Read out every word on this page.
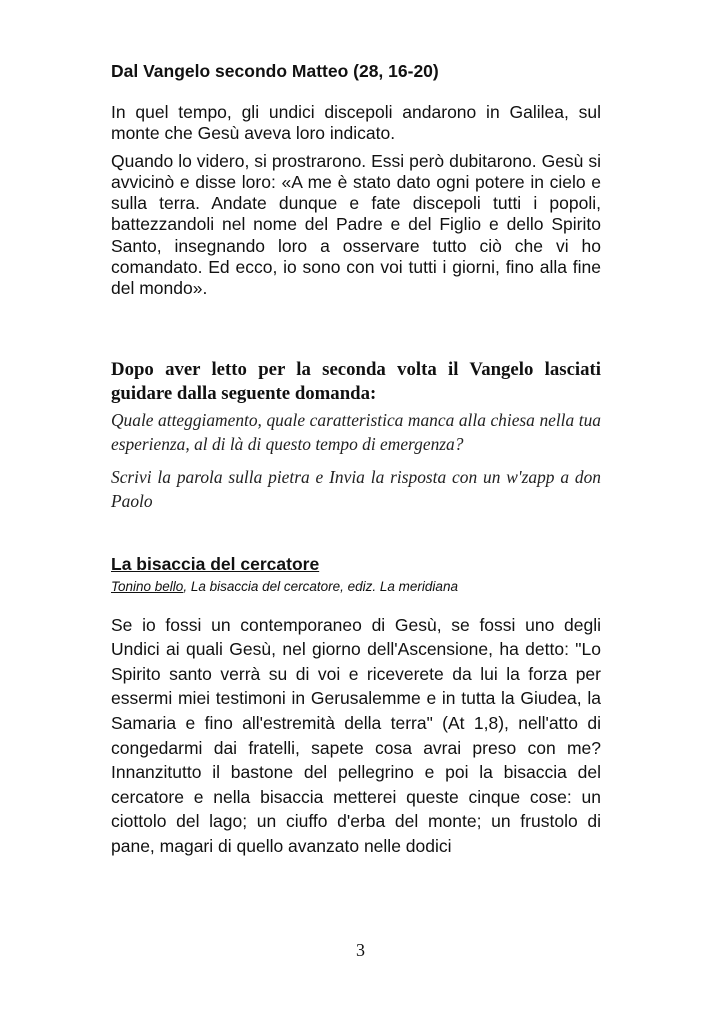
Dal Vangelo secondo Matteo (28, 16-20)

In quel tempo, gli undici discepoli andarono in Galilea, sul monte che Gesù aveva loro indicato.

Quando lo videro, si prostrarono. Essi però dubitarono. Gesù si avvicinò e disse loro: «A me è stato dato ogni potere in cielo e sulla terra. Andate dunque e fate discepoli tutti i popoli, battezzandoli nel nome del Padre e del Figlio e dello Spirito Santo, insegnando loro a osservare tutto ciò che vi ho comandato. Ed ecco, io sono con voi tutti i giorni, fino alla fine del mondo».

Dopo aver letto per la seconda volta il Vangelo lasciati guidare dalla seguente domanda:

Quale atteggiamento, quale caratteristica manca alla chiesa nella tua esperienza, al di là di questo tempo di emergenza?

Scrivi la parola sulla pietra e Invia la risposta con un w'zapp a don Paolo

La bisaccia del cercatore

Tonino bello, La bisaccia del cercatore, ediz. La meridiana

Se io fossi un contemporaneo di Gesù, se fossi uno degli Undici ai quali Gesù, nel giorno dell'Ascensione, ha detto: "Lo Spirito santo verrà su di voi e riceverete da lui la forza per essermi miei testimoni in Gerusalemme e in tutta la Giudea, la Samaria e fino all'estremità della terra" (At 1,8), nell'atto di congedarmi dai fratelli, sapete cosa avrai preso con me? Innanzitutto il bastone del pellegrino e poi la bisaccia del cercatore e nella bisaccia metterei queste cinque cose: un ciottolo del lago; un ciuffo d'erba del monte; un frustolo di pane, magari di quello avanzato nelle dodici

3
